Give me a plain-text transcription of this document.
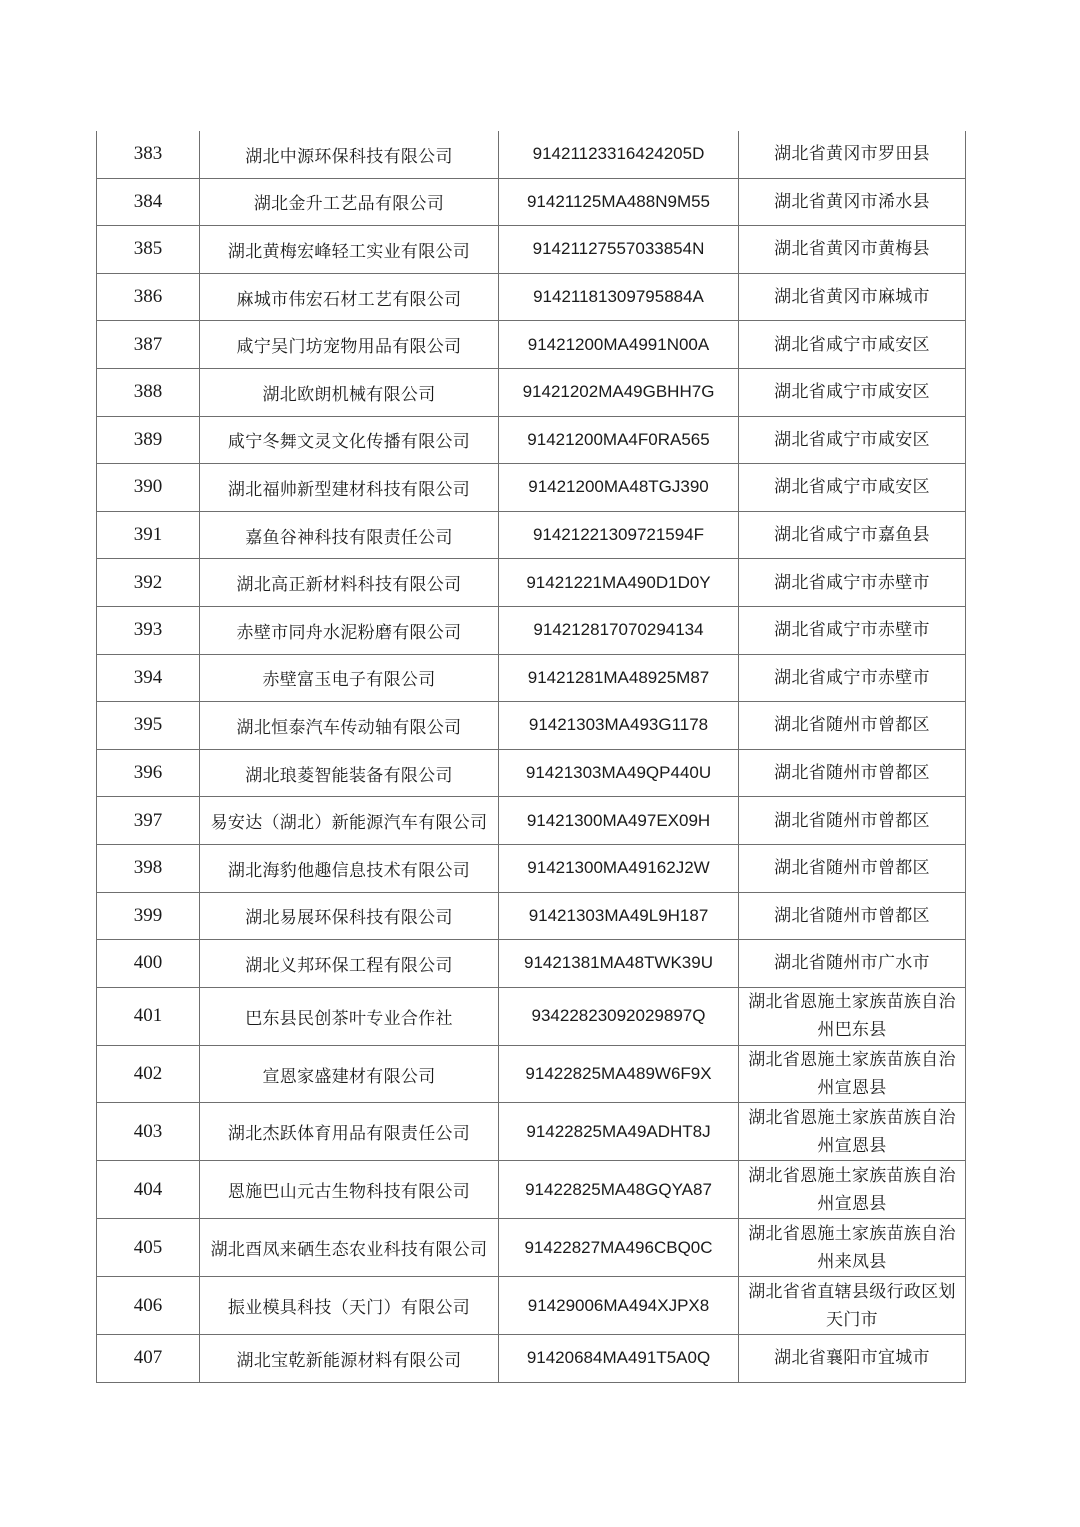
383	湖北中源环保科技有限公司	91421123316424205D	湖北省黄冈市罗田县
384	湖北金升工艺品有限公司	91421125MA488N9M55	湖北省黄冈市浠水县
385	湖北黄梅宏峰轻工实业有限公司	91421127557033854N	湖北省黄冈市黄梅县
386	麻城市伟宏石材工艺有限公司	91421181309795884A	湖北省黄冈市麻城市
387	咸宁吴门坊宠物用品有限公司	91421200MA4991N00A	湖北省咸宁市咸安区
388	湖北欧朗机械有限公司	91421202MA49GBHH7G	湖北省咸宁市咸安区
389	咸宁冬舞文灵文化传播有限公司	91421200MA4F0RA565	湖北省咸宁市咸安区
390	湖北福帅新型建材科技有限公司	91421200MA48TGJ390	湖北省咸宁市咸安区
391	嘉鱼谷神科技有限责任公司	91421221309721594F	湖北省咸宁市嘉鱼县
392	湖北高正新材料科技有限公司	91421221MA490D1D0Y	湖北省咸宁市赤壁市
393	赤壁市同舟水泥粉磨有限公司	914212817070294134	湖北省咸宁市赤壁市
394	赤壁富玉电子有限公司	91421281MA48925M87	湖北省咸宁市赤壁市
395	湖北恒泰汽车传动轴有限公司	91421303MA493G1178	湖北省随州市曾都区
396	湖北琅菱智能装备有限公司	91421303MA49QP440U	湖北省随州市曾都区
397	易安达（湖北）新能源汽车有限公司	91421300MA497EX09H	湖北省随州市曾都区
398	湖北海豹他趣信息技术有限公司	91421300MA49162J2W	湖北省随州市曾都区
399	湖北易展环保科技有限公司	91421303MA49L9H187	湖北省随州市曾都区
400	湖北义邦环保工程有限公司	91421381MA48TWK39U	湖北省随州市广水市
401	巴东县民创茶叶专业合作社	93422823092029897Q	湖北省恩施土家族苗族自治州巴东县
402	宣恩家盛建材有限公司	91422825MA489W6F9X	湖北省恩施土家族苗族自治州宣恩县
403	湖北杰跃体育用品有限责任公司	91422825MA49ADHT8J	湖北省恩施土家族苗族自治州宣恩县
404	恩施巴山元古生物科技有限公司	91422825MA48GQYA87	湖北省恩施土家族苗族自治州宣恩县
405	湖北酉凤来硒生态农业科技有限公司	91422827MA496CBQ0C	湖北省恩施土家族苗族自治州来凤县
406	振业模具科技（天门）有限公司	91429006MA494XJPX8	湖北省省直辖县级行政区划天门市
407	湖北宝乾新能源材料有限公司	91420684MA491T5A0Q	湖北省襄阳市宜城市
